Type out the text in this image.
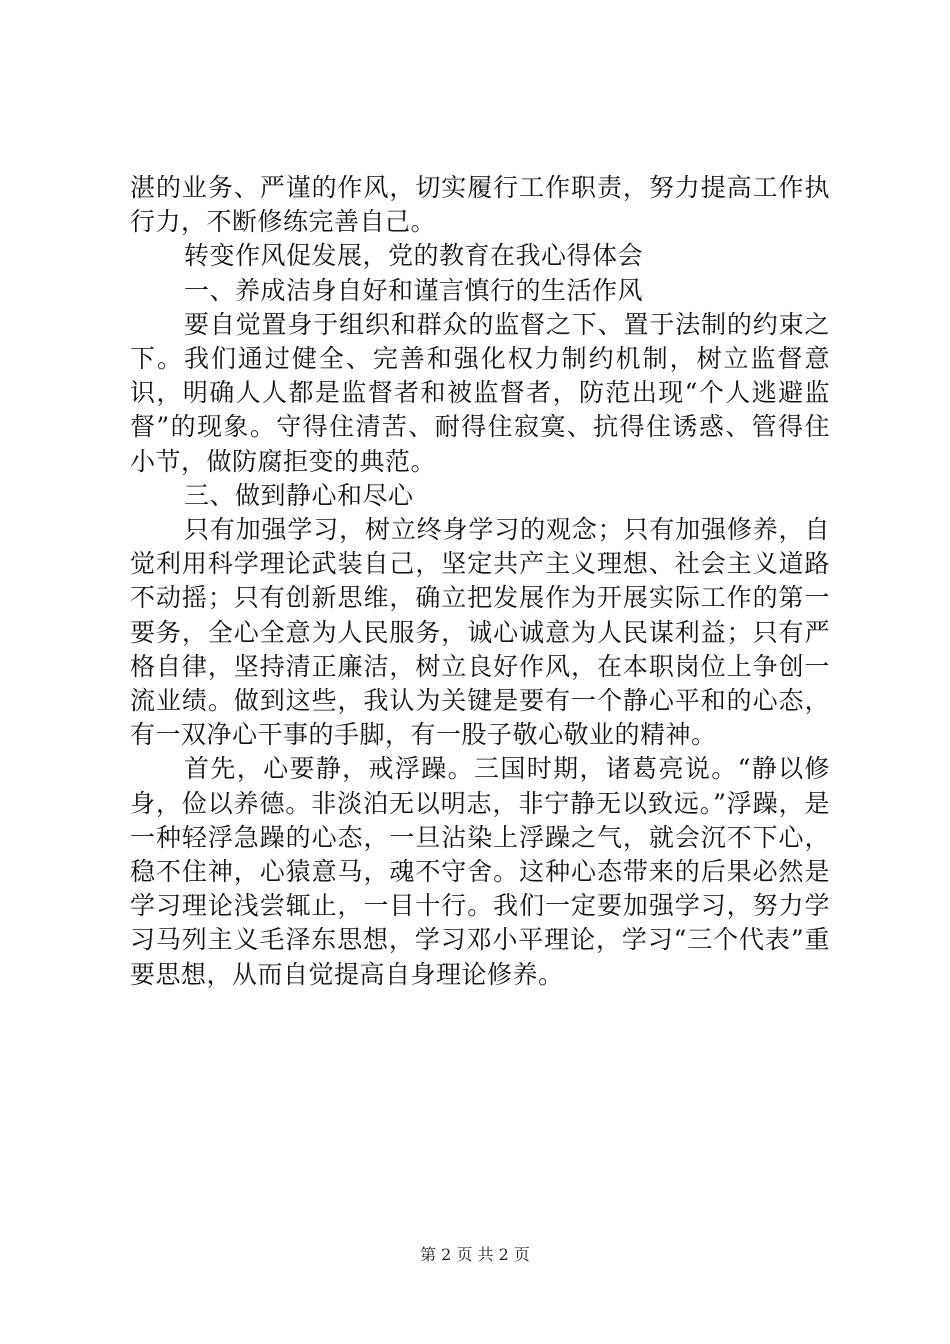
湛的业务、严谨的作风，切实履行工作职责，努力提高工作执行力，不断修练完善自己。

转变作风促发展，党的教育在我心得体会

一、养成洁身自好和谨言慎行的生活作风

要自觉置身于组织和群众的监督之下、置于法制的约束之下。我们通过健全、完善和强化权力制约机制，树立监督意识，明确人人都是监督者和被监督者，防范出现“个人逃避监督”的现象。守得住清苦、耐得住寂寞、抗得住诱惑、管得住小节，做防腐拒变的典范。

三、做到静心和尽心

只有加强学习，树立终身学习的观念；只有加强修养，自觉利用科学理论武装自己，坚定共产主义理想、社会主义道路不动摇；只有创新思维，确立把发展作为开展实际工作的第一要务，全心全意为人民服务，诚心诚意为人民谋利益；只有严格自律，坚持清正廉洁，树立良好作风，在本职岗位上争创一流业绩。做到这些，我认为关键是要有一个静心平和的心态，有一双净心干事的手脚，有一股子敬心敬业的精神。

首先，心要静，戒浮躁。三国时期，诸葛亮说。“静以修身，俭以养德。非淡泊无以明志，非宁静无以致远。”浮躁，是一种轻浮急躁的心态，一旦沾染上浮躁之气，就会沉不下心，稳不住神，心猿意马，魂不守舍。这种心态带来的后果必然是学习理论浅尝辄止，一目十行。我们一定要加强学习，努力学习马列主义毛泽东思想，学习邓小平理论，学习“三个代表”重要思想，从而自觉提高自身理论修养。

第 2 页 共 2 页
